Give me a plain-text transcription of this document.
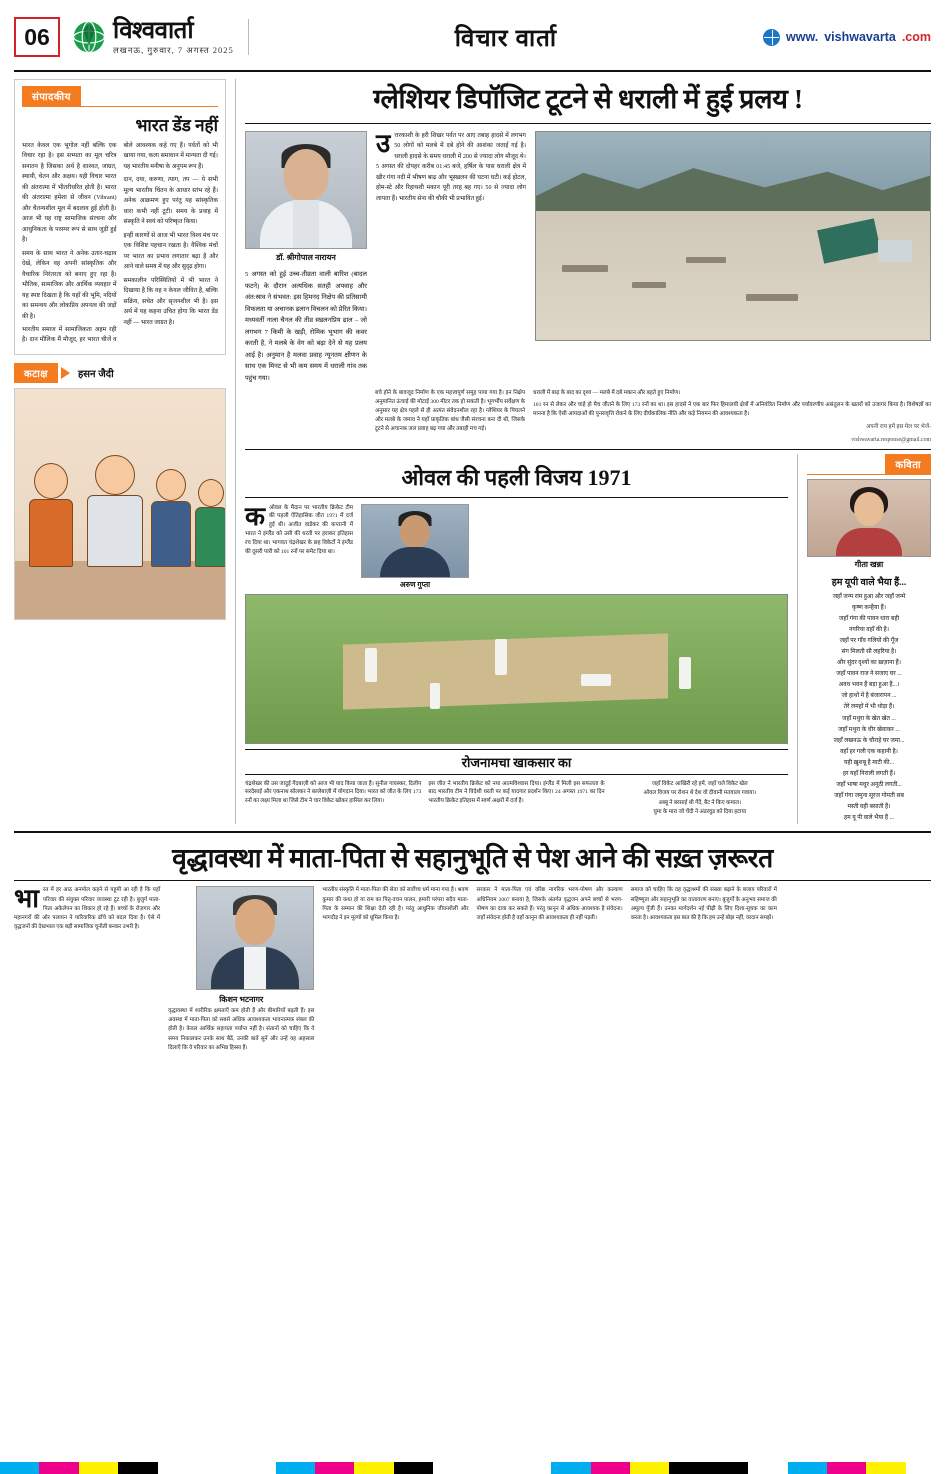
06	विश्ववार्ता
लखनऊ, गुरुवार, 7 अगस्त 2025	विचार वार्ता	www. vishwavarta .com
संपादकीय
भारत डेंड नहीं

भारत केवल एक भूगोल नहीं बल्कि एक विचार रहा है। इस सभ्यता का मूल चरित्र सनातन है जिसका अर्थ है शाश्वत, जाग्रत, स्थायी, चेतन और अक्षय। यही विचार भारत की अंतरात्मा में भीतरीधरित होती है। भारत की अंतरात्मा हमेशा से जीवन (Vibrant) और चैतन्यशील मूल में बदलाव हुई होती है। आज भी यह राष्ट्र सामाजिक संरचना और आधुनिकता के परस्पर रूप से साथ जुड़ी हुई है।

समय के साथ भारत ने अनेक उतार-चढ़ाव देखे, लेकिन वह अपनी सांस्कृतिक और वैचारिक निरंतरता को बनाए हुए रहा है। भौतिक, सामाजिक और आर्थिक व्यवहार में यह स्पष्ट दिखता है कि यहाँ की भूमि, नदियों का समन्वय और लोकप्रिय अपनत्व की जड़ों की है।

भारतीय समाज में सामाजिकता अहम रही है। दान मौलिक मैं मौजूद, हर भारत चीजें व बोले आवश्यक कहे गए हैं। पर्वतों को भी खाया गया, कला समाधान में मान्यता दी गई। यह भारतीय मनीषा के अनुपम रूप हैं।

दान, दया, करुणा, त्याग, तप — ये सभी मूल्य भारतीय चिंतन के आधार स्तंभ रहे हैं। अनेक आक्रमण हुए परंतु यह सांस्कृतिक धारा कभी नहीं टूटी। समय के प्रवाह में संस्कृति ने स्वयं को परिष्कृत किया।

इन्हीं कारणों से आज भी भारत विश्व मंच पर एक विशिष्ट पहचान रखता है। वैश्विक मंचों पर भारत का प्रभाव लगातार बढ़ा है और आने वाले समय में यह और सुदृढ़ होगा।

समकालीन परिस्थितियों में भी भारत ने दिखाया है कि वह न केवल जीवित है, बल्कि सक्रिय, सचेत और सृजनशील भी है। इस अर्थ में यह कहना उचित होगा कि भारत डेंड नहीं — भारत जाग्रत है।

कटाक्ष	हसन जैदी
ग्लेशियर डिपॉजिट टूटने से धराली में हुई प्रलय !
डॉ. श्रीगोपाल नारायन
5 अगस्त को हुई उच्च-तीव्रता वाली बारिश (बादल फटने) के दौरान अत्यधिक सतही अपवाह और अंत:स्राव ने संभवत: इस हिमनद निक्षेप की प्रतिसामी विफलता या अचानक ढलान विचलन को प्रेरित किया। मध्यवर्ती नाला चैनल की तीव्र स्खलनप्रिय ढाल – जो लगभग 7 किमी के खड़ी, रोमिक भूभाग की कवर करती है, ने मलबे के वेग को बढ़ा देने से यह प्रलय आई है। अनुमान है मलवा प्रवाह न्यूनतम क्षीणन के साथ एक मिनट से भी कम समय में धराली गांव तक पहुंच गया।
उत्तरकाशी के हरी शिखर पर्वत पर आए तबाह हादसे में लगभग 50 लोगों को मलबे में दबे होने की आशंका जताई गई है। धराली हादसे के समय धराली में 200 से ज्यादा लोग मौजूद थे। 5 अगस्त की दोपहर करीब 01:45 बजे, हर्षिल के पास धराली क्षेत्र में खीर गंगा नदी में भीषण बाढ़ और भूस्खलन की घटना घटी। कई होटल, होम-स्टे और रिहायशी मकान पूरी तरह बह गए। 50 से ज्यादा लोग लापता हैं। भारतीय सेना की चौकी भी प्रभावित हुई।
बचे होने के बावजूद निर्माण के एक महत्त्वपूर्ण समूह पाया गया है। इन निक्षेप अनुमानित ऊंचाई की मोटाई 300 मीटर तक हो सकती है। भूगर्भीय सर्वेक्षण के अनुसार यह क्षेत्र पहले से ही अत्यंत संवेदनशील रहा है। ग्लेशियर के पिघलने और मलबे के जमाव ने यहाँ प्राकृतिक बांध जैसी संरचना बना दी थी, जिसके टूटने से अचानक जल प्रवाह बढ़ गया और तबाही मच गई।
धराली में बाढ़ के बाद का दृश्य — मलबे में दबे मकान और बहते हुए निर्माण।
101 रन से लेकर और चाहे हो मैच जीतने के लिए 173 रनों का था। इस हादसे ने एक बार फिर हिमालयी क्षेत्रों में अनियंत्रित निर्माण और पर्यावरणीय असंतुलन के खतरों को उजागर किया है। विशेषज्ञों का मानना है कि ऐसी आपदाओं की पुनरावृत्ति रोकने के लिए दीर्घकालिक नीति और कड़े नियमन की आवश्यकता है।
अपनी राय हमें इस मेल पर भेजें-
vishwavarta.response@gmail.com
ओवल की पहली विजय 1971
कओवल के मैदान पर भारतीय क्रिकेट टीम की पहली ऐतिहासिक जीत 1971 में दर्ज हुई थी। अजीत वाडेकर की कप्तानी में भारत ने इंग्लैंड को उसी की धरती पर हराकर इतिहास रच दिया था। भागवत चंद्रशेखर के छह विकेटों ने इंग्लैंड की दूसरी पारी को 101 रनों पर समेट दिया था।
अरुण गुप्ता
रोजनामचा खाकसार का
चंद्रशेखर की उस जादुई गेंदबाज़ी को आज भी याद किया जाता है। सुनील गावस्कर, दिलीप सरदेसाई और एकनाथ सोलकर ने बल्लेबाज़ी में योगदान दिया। भारत को जीत के लिए 173 रनों का लक्ष्य मिला था जिसे टीम ने चार विकेट खोकर हासिल कर लिया।
इस जीत ने भारतीय क्रिकेट को नया आत्मविश्वास दिया। इंग्लैंड में मिली इस सफलता के बाद भारतीय टीम ने विदेशी धरती पर कई यादगार प्रदर्शन किए। 24 अगस्त 1971 का दिन भारतीय क्रिकेट इतिहास में स्वर्ण अक्षरों में दर्ज है।
जहाँ विकेट आखिरी रहे हमें, जहाँ चले विकेट खेल
ओवल विजय पर रोशन थे देश वो दीवानी मतवाला गवाया।
अब्बू ने बरसाई थी गेंदें, बैट ने किए कमाल।
घुमा के मारा जो चेंदी ने अंडरवुड को दिया हटाया
कविता
गीता खन्ना
हम यूपी वाले भैया हैं...
जहाँ जन्म राम हुआ और जहाँ जन्मे
कृष्ण कन्हैया हैं।
जहाँ गंगा की पावन धारा बही
नगरिया वहाँ की है।
जहाँ पर गाँव गलियों की गूँज
संग मिलती सी लहरिया है।
और सुंदर दृश्यों का ख़ज़ाना हैं।
जहाँ पावन राज ने सजाए घर ...
अवध भवन हैं बड़ा हुआ हैं...।
जो हाथों में है बंजारापन ...
तेरे लमहों में भी थोड़ा हैं।
जहाँ मथुरा के खेत खेत ...
जहाँ मथुरा के धीर खेवाकर ...
जहाँ लखनऊ के चौराहे घर जमा...
वहाँ हर गली एक कहानी है।
यही ख़ुशबू है माटी की...
हर यहाँ निराली लगती हैं।
जहाँ भाषा मधुर अनूठी लगती...
जहाँ गंगा जमुना सूरज गोमती सब
मस्ती वही बसाती हैं।
हम यू पी वाले भैया हैं ...
वृद्धावस्था में माता-पिता से सहानुभूति से पेश आने की सख़्त ज़रूरत
भारत में हर आठ अनमोल कहने से यहूमी आ रही है कि यहाँ परिवार की संयुक्त परिवार व्यवस्था टूट रही है। बुजुर्ग माता-पिता अकेलेपन का शिकार हो रहे हैं। बच्चों के रोज़गार और महानगरों की ओर पलायन ने पारिवारिक ढाँचे को बदल दिया है। ऐसे में वृद्धजनों की देखभाल एक बड़ी सामाजिक चुनौती बनकर उभरी है।
किशन भटनागर
वृद्धावस्था में शारीरिक क्षमताएँ कम होती हैं और बीमारियाँ बढ़ती हैं। इस अवस्था में माता-पिता को सबसे अधिक आवश्यकता भावनात्मक संबल की होती है। केवल आर्थिक सहायता पर्याप्त नहीं है। संतानों को चाहिए कि वे समय निकालकर उनके साथ बैठें, उनकी बातें सुनें और उन्हें यह अहसास दिलाएँ कि वे परिवार का अभिन्न हिस्सा हैं।
भारतीय संस्कृति में माता-पिता की सेवा को सर्वोच्च धर्म माना गया है। श्रवण कुमार की कथा हो या राम का पितृ-वचन पालन, हमारी परंपरा सदैव माता-पिता के सम्मान की शिक्षा देती रही है। परंतु आधुनिक जीवनशैली और भागदौड़ ने इन मूल्यों को धूमिल किया है।
सरकार ने माता-पिता एवं वरिष्ठ नागरिक भरण-पोषण और कल्याण अधिनियम 2007 बनाया है, जिसके अंतर्गत वृद्धजन अपने बच्चों से भरण-पोषण का दावा कर सकते हैं। परंतु कानून से अधिक आवश्यक है संवेदना। जहाँ संवेदना होती है वहाँ कानून की आवश्यकता ही नहीं पड़ती।
समाज को चाहिए कि वह वृद्धाश्रमों की संख्या बढ़ाने के बजाय परिवारों में सहिष्णुता और सहानुभूति का वातावरण बनाए। बुजुर्गों के अनुभव समाज की अमूल्य पूँजी हैं। उनका मार्गदर्शन नई पीढ़ी के लिए दिशा-सूचक का काम करता है। आवश्यकता इस बात की है कि हम उन्हें बोझ नहीं, वरदान समझें।
